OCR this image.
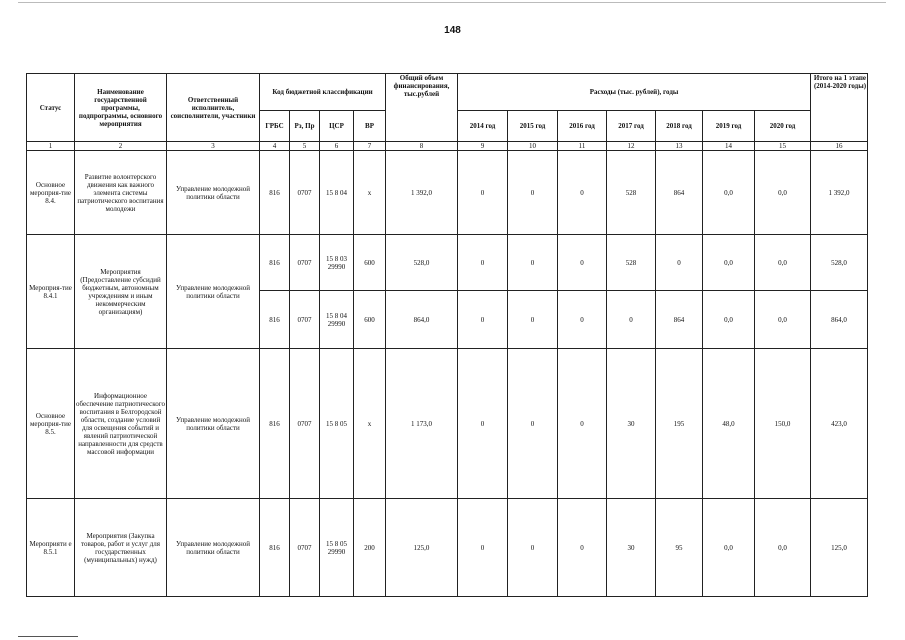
148
Статус	Наименование государственной программы, подпрограммы, основного мероприятия	Ответственный исполнитель, соисполнители, участники	Код бюджетной классификации				Общий объем финансирования, тыс.рублей	Расходы (тыс. рублей), годы							Итого на 1 этапе (2014-2020 годы)
			ГРБС	Рз, Пр	ЦСР	ВР		2014 год	2015 год	2016 год	2017 год	2018 год	2019 год	2020 год	
1	2	3	4	5	6	7	8	9	10	11	12	13	14	15	16
Основное мероприя-тие 8.4.	Развитие волонтерского движения как важного элемента системы патриотического воспитания молодежи	Управление молодежной политики области	816	0707	15 8 04	х	1 392,0	0	0	0	528	864	0,0	0,0	1 392,0
Мероприя-тие 8.4.1	Мероприятия (Предоставление субсидий бюджетным, автономным учреждениям и иным некоммерческим организациям)	Управление молодежной политики области	816	0707	15 8 03 29990	600	528,0	0	0	0	528	0	0,0	0,0	528,0
			816	0707	15 8 04 29990	600	864,0	0	0	0	0	864	0,0	0,0	864,0
Основное мероприя-тие 8.5.	Информационное обеспечение патриотического воспитания в Белгородской области, создание условий для освещения событий и явлений патриотической направленности для средств массовой информации	Управление молодежной политики области	816	0707	15 8 05	х	1 173,0	0	0	0	30	195	48,0	150,0	423,0
Мероприяти е 8.5.1	Мероприятия (Закупка товаров, работ и услуг для государственных (муниципальных) нужд)	Управление молодежной политики области	816	0707	15 8 05 29990	200	125,0	0	0	0	30	95	0,0	0,0	125,0
